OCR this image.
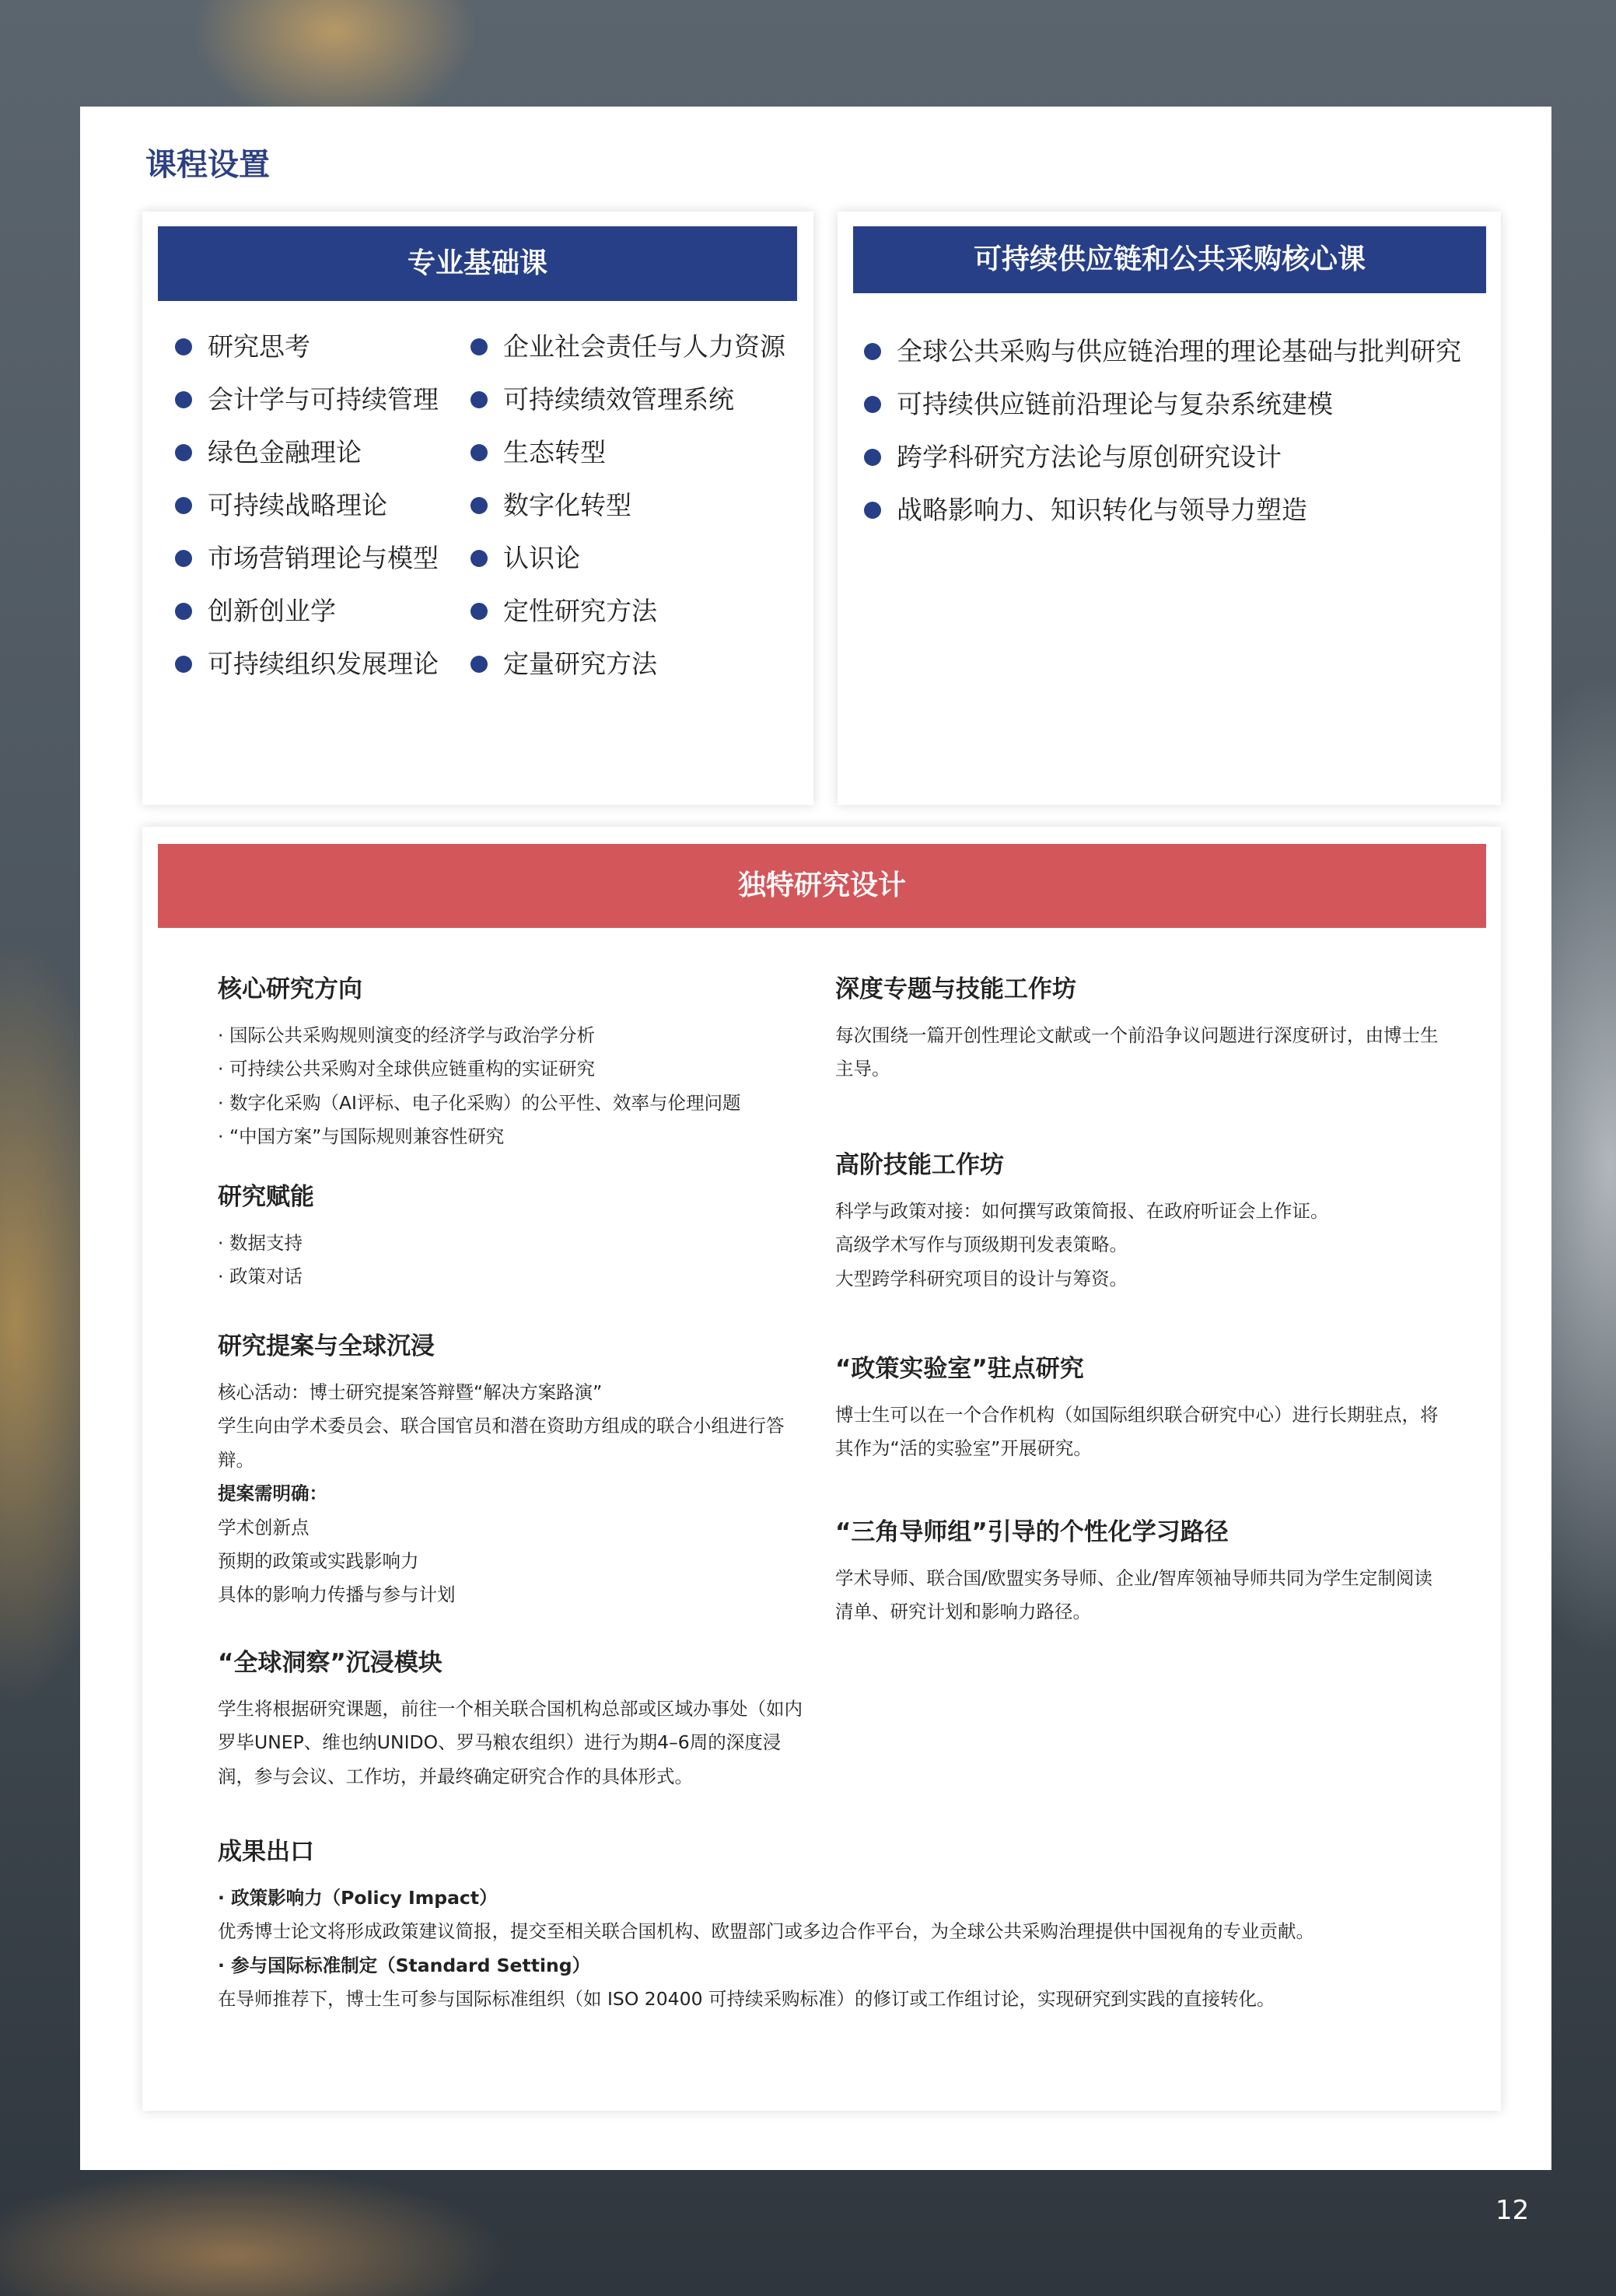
课程设置
专业基础课
研究思考
会计学与可持续管理
绿色金融理论
可持续战略理论
市场营销理论与模型
创新创业学
可持续组织发展理论
企业社会责任与人力资源
可持续绩效管理系统
生态转型
数字化转型
认识论
定性研究方法
定量研究方法
可持续供应链和公共采购核心课
全球公共采购与供应链治理的理论基础与批判研究
可持续供应链前沿理论与复杂系统建模
跨学科研究方法论与原创研究设计
战略影响力、知识转化与领导力塑造
独特研究设计
核心研究方向
· 国际公共采购规则演变的经济学与政治学分析
· 可持续公共采购对全球供应链重构的实证研究
· 数字化采购（AI评标、电子化采购）的公平性、效率与伦理问题
· “中国方案”与国际规则兼容性研究
研究赋能
· 数据支持
· 政策对话
研究提案与全球沉浸
核心活动：博士研究提案答辩暨“解决方案路演”
学生向由学术委员会、联合国官员和潜在资助方组成的联合小组进行答辩。
提案需明确：
学术创新点
预期的政策或实践影响力
具体的影响力传播与参与计划
“全球洞察”沉浸模块
学生将根据研究课题，前往一个相关联合国机构总部或区域办事处（如内罗毕UNEP、维也纳UNIDO、罗马粮农组织）进行为期4–6周的深度浸润，参与会议、工作坊，并最终确定研究合作的具体形式。
深度专题与技能工作坊
每次围绕一篇开创性理论文献或一个前沿争议问题进行深度研讨，由博士生主导。
高阶技能工作坊
科学与政策对接：如何撰写政策简报、在政府听证会上作证。
高级学术写作与顶级期刊发表策略。
大型跨学科研究项目的设计与筹资。
“政策实验室”驻点研究
博士生可以在一个合作机构（如国际组织联合研究中心）进行长期驻点，将其作为“活的实验室”开展研究。
“三角导师组”引导的个性化学习路径
学术导师、联合国/欧盟实务导师、企业/智库领袖导师共同为学生定制阅读清单、研究计划和影响力路径。
成果出口
· 政策影响力（Policy Impact）
优秀博士论文将形成政策建议简报，提交至相关联合国机构、欧盟部门或多边合作平台，为全球公共采购治理提供中国视角的专业贡献。
· 参与国际标准制定（Standard Setting）
在导师推荐下，博士生可参与国际标准组织（如 ISO 20400 可持续采购标准）的修订或工作组讨论，实现研究到实践的直接转化。
12
